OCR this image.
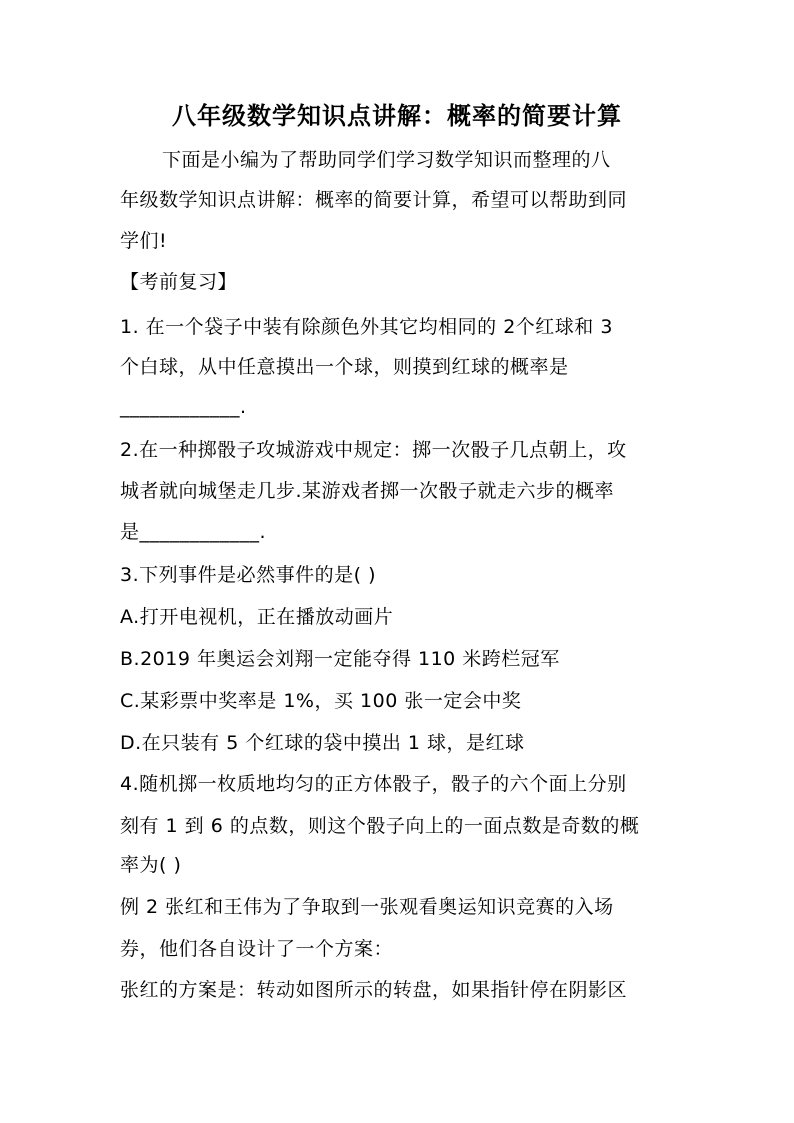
八年级数学知识点讲解：概率的简要计算
下面是小编为了帮助同学们学习数学知识而整理的八
年级数学知识点讲解：概率的简要计算，希望可以帮助到同
学们!
【考前复习】
1. 在一个袋子中装有除颜色外其它均相同的 2个红球和 3
个白球，从中任意摸出一个球，则摸到红球的概率是
____________.
2.在一种掷骰子攻城游戏中规定：掷一次骰子几点朝上，攻
城者就向城堡走几步.某游戏者掷一次骰子就走六步的概率
是____________.
3.下列事件是必然事件的是( )
A.打开电视机，正在播放动画片
B.2019 年奥运会刘翔一定能夺得 110 米跨栏冠军
C.某彩票中奖率是 1%，买 100 张一定会中奖
D.在只装有 5 个红球的袋中摸出 1 球，是红球
4.随机掷一枚质地均匀的正方体骰子，骰子的六个面上分别
刻有 1 到 6 的点数，则这个骰子向上的一面点数是奇数的概
率为( )
例 2 张红和王伟为了争取到一张观看奥运知识竞赛的入场
券，他们各自设计了一个方案：
张红的方案是：转动如图所示的转盘，如果指针停在阴影区
